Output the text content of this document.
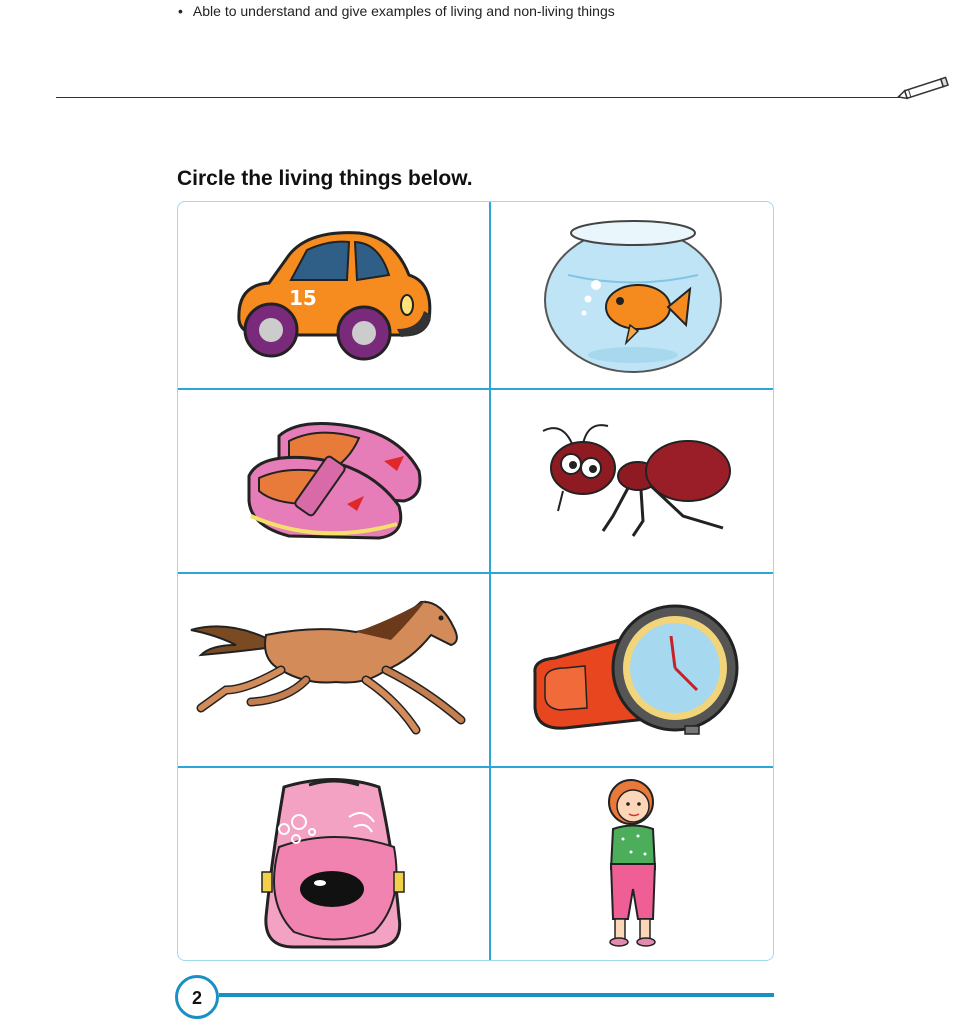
• Able to understand and give examples of living and non-living things
Circle the living things below.
15
2
